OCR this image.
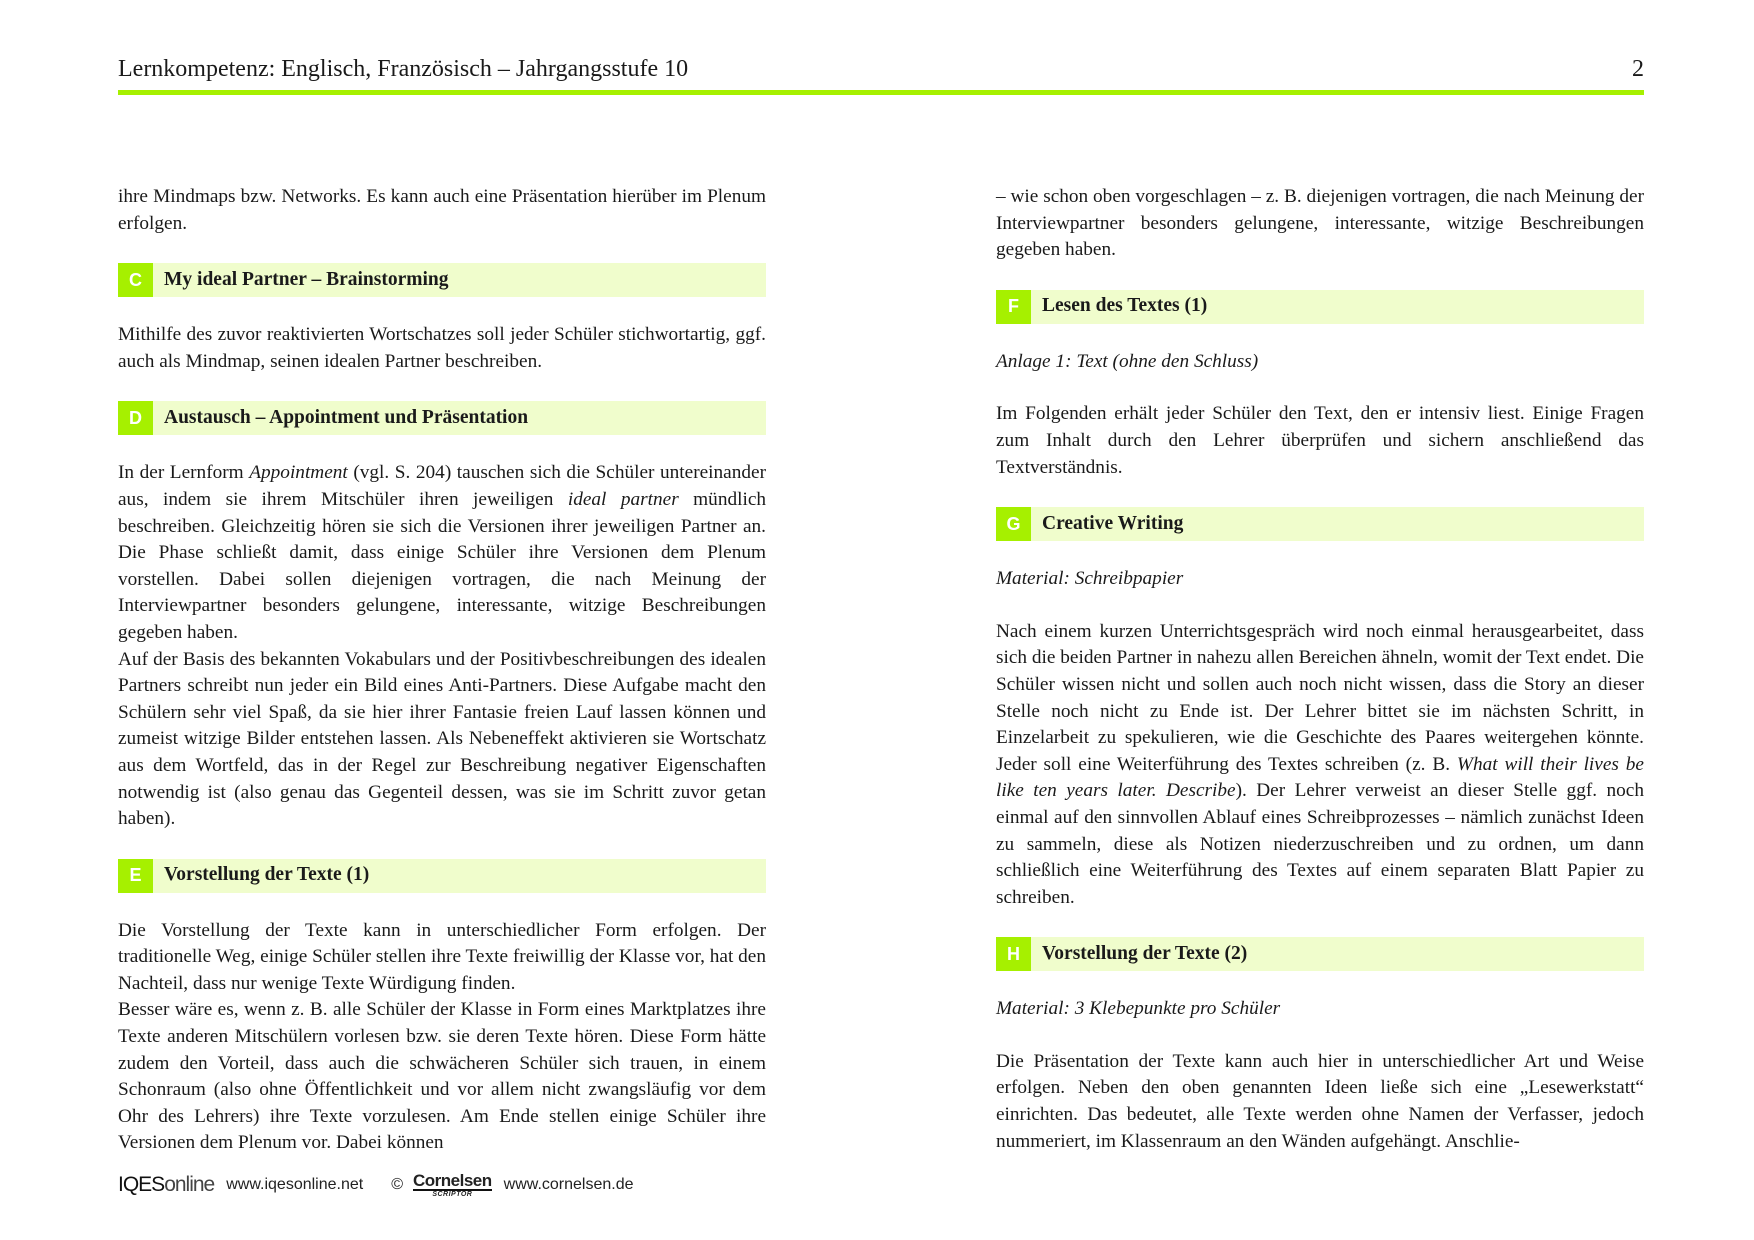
Lernkompetenz: Englisch, Französisch – Jahrgangsstufe 10	2

ihre Mindmaps bzw. Networks. Es kann auch eine Präsentation hierüber im Plenum erfolgen.

C	My ideal Partner – Brainstorming

Mithilfe des zuvor reaktivierten Wortschatzes soll jeder Schüler stichwortartig, ggf. auch als Mindmap, seinen idealen Partner beschreiben.

D	Austausch – Appointment und Präsentation

In der Lernform Appointment (vgl. S. 204) tauschen sich die Schüler untereinander aus, indem sie ihrem Mitschüler ihren jeweiligen ideal partner mündlich beschreiben. Gleichzeitig hören sie sich die Versionen ihrer jeweiligen Partner an. Die Phase schließt damit, dass einige Schüler ihre Versionen dem Plenum vorstellen. Dabei sollen diejenigen vortragen, die nach Meinung der Interviewpartner besonders gelungene, interessante, witzige Beschreibungen gegeben haben.

Auf der Basis des bekannten Vokabulars und der Positivbeschreibungen des idealen Partners schreibt nun jeder ein Bild eines Anti-Partners. Diese Aufgabe macht den Schülern sehr viel Spaß, da sie hier ihrer Fantasie freien Lauf lassen können und zumeist witzige Bilder entstehen lassen. Als Nebeneffekt aktivieren sie Wortschatz aus dem Wortfeld, das in der Regel zur Beschreibung negativer Eigenschaften notwendig ist (also genau das Gegenteil dessen, was sie im Schritt zuvor getan haben).

E	Vorstellung der Texte (1)

Die Vorstellung der Texte kann in unterschiedlicher Form erfolgen. Der traditionelle Weg, einige Schüler stellen ihre Texte freiwillig der Klasse vor, hat den Nachteil, dass nur wenige Texte Würdigung finden.

Besser wäre es, wenn z. B. alle Schüler der Klasse in Form eines Marktplatzes ihre Texte anderen Mitschülern vorlesen bzw. sie deren Texte hören. Diese Form hätte zudem den Vorteil, dass auch die schwächeren Schüler sich trauen, in einem Schonraum (also ohne Öffentlichkeit und vor allem nicht zwangsläufig vor dem Ohr des Lehrers) ihre Texte vorzulesen. Am Ende stellen einige Schüler ihre Versionen dem Plenum vor. Dabei können

– wie schon oben vorgeschlagen – z. B. diejenigen vortragen, die nach Meinung der Interviewpartner besonders gelungene, interessante, witzige Beschreibungen gegeben haben.

F	Lesen des Textes (1)

Anlage 1: Text (ohne den Schluss)

Im Folgenden erhält jeder Schüler den Text, den er intensiv liest. Einige Fragen zum Inhalt durch den Lehrer überprüfen und sichern anschließend das Textverständnis.

G	Creative Writing

Material: Schreibpapier

Nach einem kurzen Unterrichtsgespräch wird noch einmal herausgearbeitet, dass sich die beiden Partner in nahezu allen Bereichen ähneln, womit der Text endet. Die Schüler wissen nicht und sollen auch noch nicht wissen, dass die Story an dieser Stelle noch nicht zu Ende ist. Der Lehrer bittet sie im nächsten Schritt, in Einzelarbeit zu spekulieren, wie die Geschichte des Paares weitergehen könnte. Jeder soll eine Weiterführung des Textes schreiben (z. B. What will their lives be like ten years later. Describe). Der Lehrer verweist an dieser Stelle ggf. noch einmal auf den sinnvollen Ablauf eines Schreibprozesses – nämlich zunächst Ideen zu sammeln, diese als Notizen niederzuschreiben und zu ordnen, um dann schließlich eine Weiterführung des Textes auf einem separaten Blatt Papier zu schreiben.

H	Vorstellung der Texte (2)

Material: 3 Klebepunkte pro Schüler

Die Präsentation der Texte kann auch hier in unterschiedlicher Art und Weise erfolgen. Neben den oben genannten Ideen ließe sich eine „Lesewerkstatt“ einrichten. Das bedeutet, alle Texte werden ohne Namen der Verfasser, jedoch nummeriert, im Klassenraum an den Wänden aufgehängt. Anschlie-

IQESonline www.iqesonline.net © Cornelsen
SCRIPTOR
www.cornelsen.de
